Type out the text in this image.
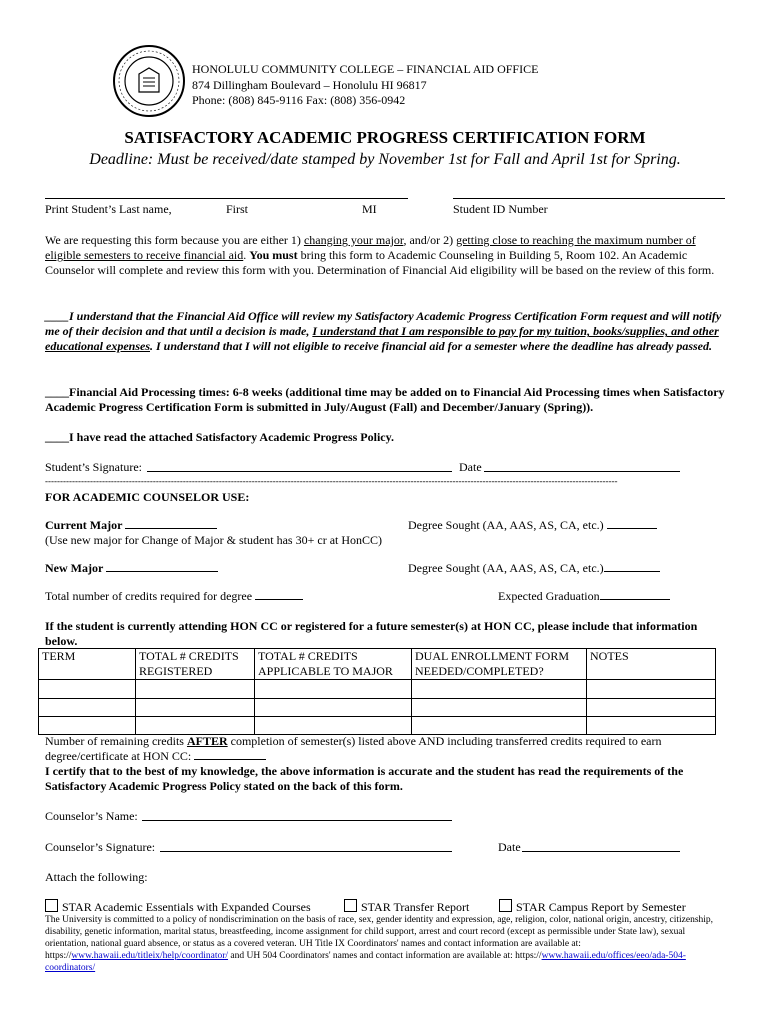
HONOLULU COMMUNITY COLLEGE – FINANCIAL AID OFFICE
874 Dillingham Boulevard – Honolulu HI 96817
Phone: (808) 845-9116 Fax: (808) 356-0942
SATISFACTORY ACADEMIC PROGRESS CERTIFICATION FORM
Deadline: Must be received/date stamped by November 1st for Fall and April 1st for Spring.
Print Student’s Last name,	First	MI	Student ID Number
We are requesting this form because you are either 1) changing your major, and/or 2) getting close to reaching the maximum number of eligible semesters to receive financial aid. You must bring this form to Academic Counseling in Building 5, Room 102. An Academic Counselor will complete and review this form with you. Determination of Financial Aid eligibility will be based on the review of this form.
____I understand that the Financial Aid Office will review my Satisfactory Academic Progress Certification Form request and will notify me of their decision and that until a decision is made, I understand that I am responsible to pay for my tuition, books/supplies, and other educational expenses. I understand that I will not eligible to receive financial aid for a semester where the deadline has already passed.
____Financial Aid Processing times: 6-8 weeks (additional time may be added on to Financial Aid Processing times when Satisfactory Academic Progress Certification Form is submitted in July/August (Fall) and December/January (Spring)).
____I have read the attached Satisfactory Academic Progress Policy.
Student’s Signature:	Date
-----------------------------------------------------------------------------------------------------------------------------------------------------------------------------------------------
FOR ACADEMIC COUNSELOR USE:
Current Major
(Use new major for Change of Major & student has 30+ cr at HonCC)
Degree Sought (AA, AAS, AS, CA, etc.)
New Major	Degree Sought (AA, AAS, AS, CA, etc.)
Total number of credits required for degree	Expected Graduation
If the student is currently attending HON CC or registered for a future semester(s) at HON CC, please include that information below.
TERM	TOTAL # CREDITS REGISTERED	TOTAL # CREDITS APPLICABLE TO MAJOR	DUAL ENROLLMENT FORM NEEDED/COMPLETED?	NOTES

Number of remaining credits AFTER completion of semester(s) listed above AND including transferred credits required to earn degree/certificate at HON CC:
I certify that to the best of my knowledge, the above information is accurate and the student has read the requirements of the Satisfactory Academic Progress Policy stated on the back of this form.
Counselor’s Name:
Counselor’s Signature:	Date
Attach the following:
STAR Academic Essentials with Expanded Courses	STAR Transfer Report	STAR Campus Report by Semester
The University is committed to a policy of nondiscrimination on the basis of race, sex, gender identity and expression, age, religion, color, national origin, ancestry, citizenship, disability, genetic information, marital status, breastfeeding, income assignment for child support, arrest and court record (except as permissible under State law), sexual orientation, national guard absence, or status as a covered veteran. UH Title IX Coordinators' names and contact information are available at: https://www.hawaii.edu/titleix/help/coordinator/ and UH 504 Coordinators' names and contact information are available at: https://www.hawaii.edu/offices/eeo/ada-504-coordinators/
